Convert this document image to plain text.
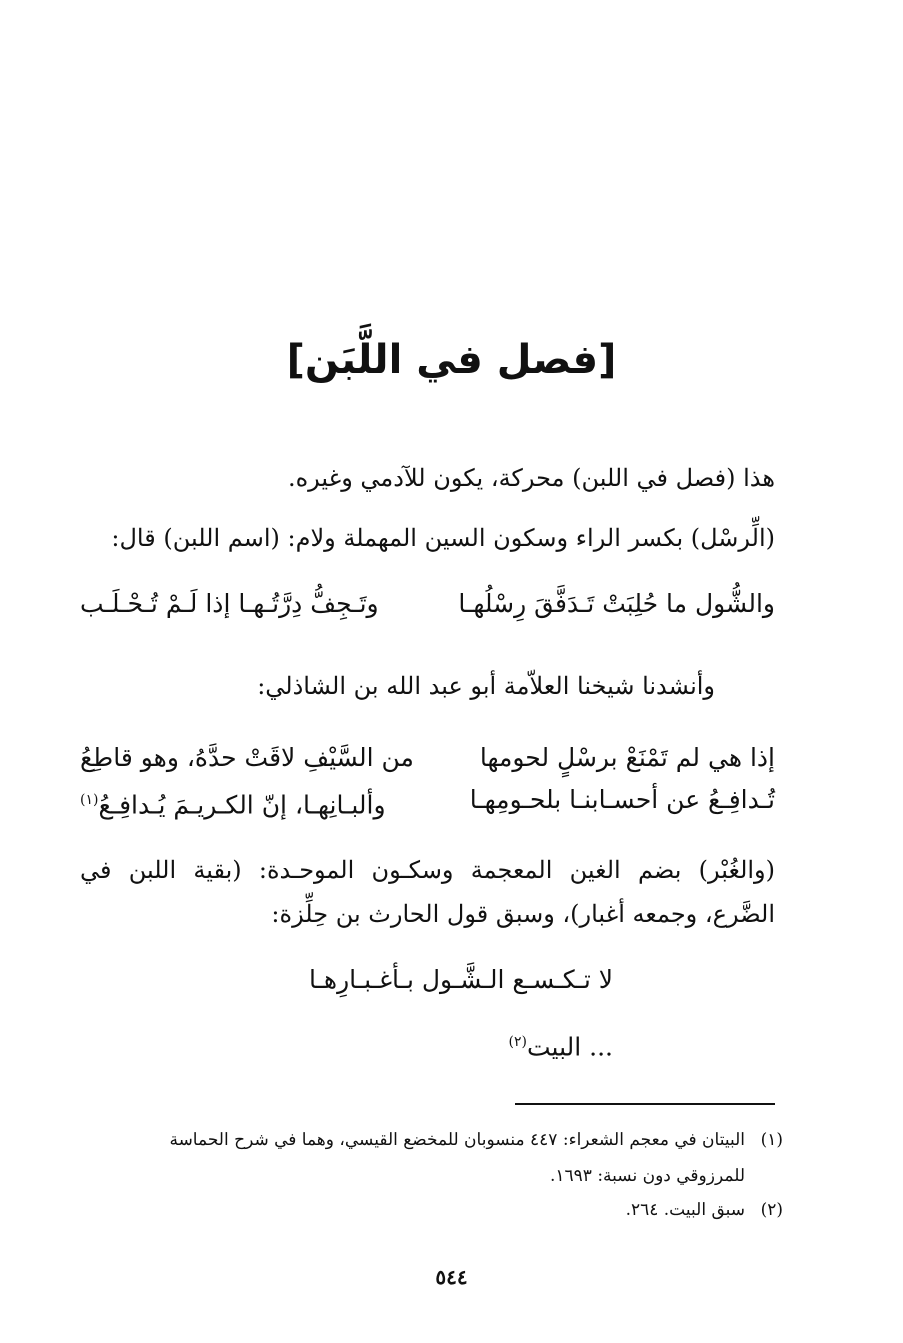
[فصل في اللَّبَن]
هذا (فصل في اللبن) محركة، يكون للآدمي وغيره.
(الِّرسْل) بكسر الراء وسكون السين المهملة ولام: (اسم اللبن) قال:
والشُّول ما حُلِبَتْ تَـدَفَّقَ رِسْلُهـا
وتَـجِفُّ دِرَّتُـهـا إذا لَـمْ تُـحْـلَـب
وأنشدنا شيخنا العلاّمة أبو عبد الله بن الشاذلي:
إذا هي لم تَمْنَعْ برسْلٍ لحومها
من السَّيْفِ لاقَتْ حدَّهُ، وهو قاطِعُ
تُـدافِـعُ عن أحسـابنـا بلحـومِهـا
وألبـانِهـا، إنّ الكـريـمَ يُـدافِـعُ$^{(١)}$
(والغُبْر) بضم الغين المعجمة وسكـون الموحـدة: (بقية اللبن في الضَّرع، وجمعه أغبار)، وسبق قول الحارث بن حِلِّزة:
لا تـكـسـع الـشَّـول بـأغـبـارِهـا
... البيت$^{(٢)}$
(١)البيتان في معجم الشعراء: ٤٤٧ منسوبان للمخضع القيسي، وهما في شرح الحماسة
للمرزوقي دون نسبة: ١٦٩٣.
(٢)سبق البيت. ٢٦٤.
٥٤٤
